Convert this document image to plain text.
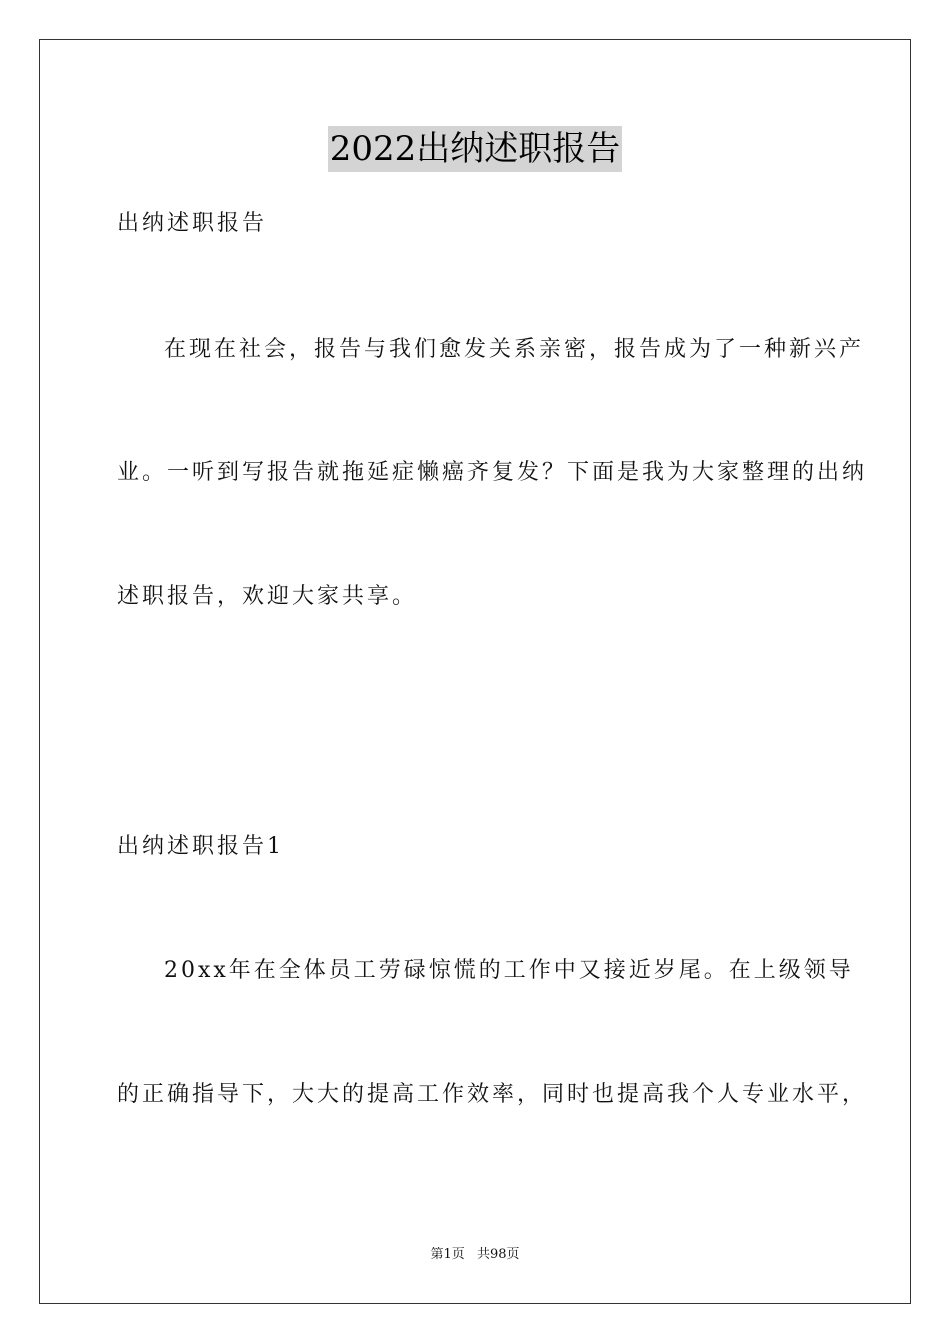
2022出纳述职报告
出纳述职报告
在现在社会，报告与我们愈发关系亲密，报告成为了一种新兴产
业。一听到写报告就拖延症懒癌齐复发？下面是我为大家整理的出纳
述职报告，欢迎大家共享。
出纳述职报告1
20xx年在全体员工劳碌惊慌的工作中又接近岁尾。在上级领导
的正确指导下，大大的提高工作效率，同时也提高我个人专业水平，
第1页 共98页
